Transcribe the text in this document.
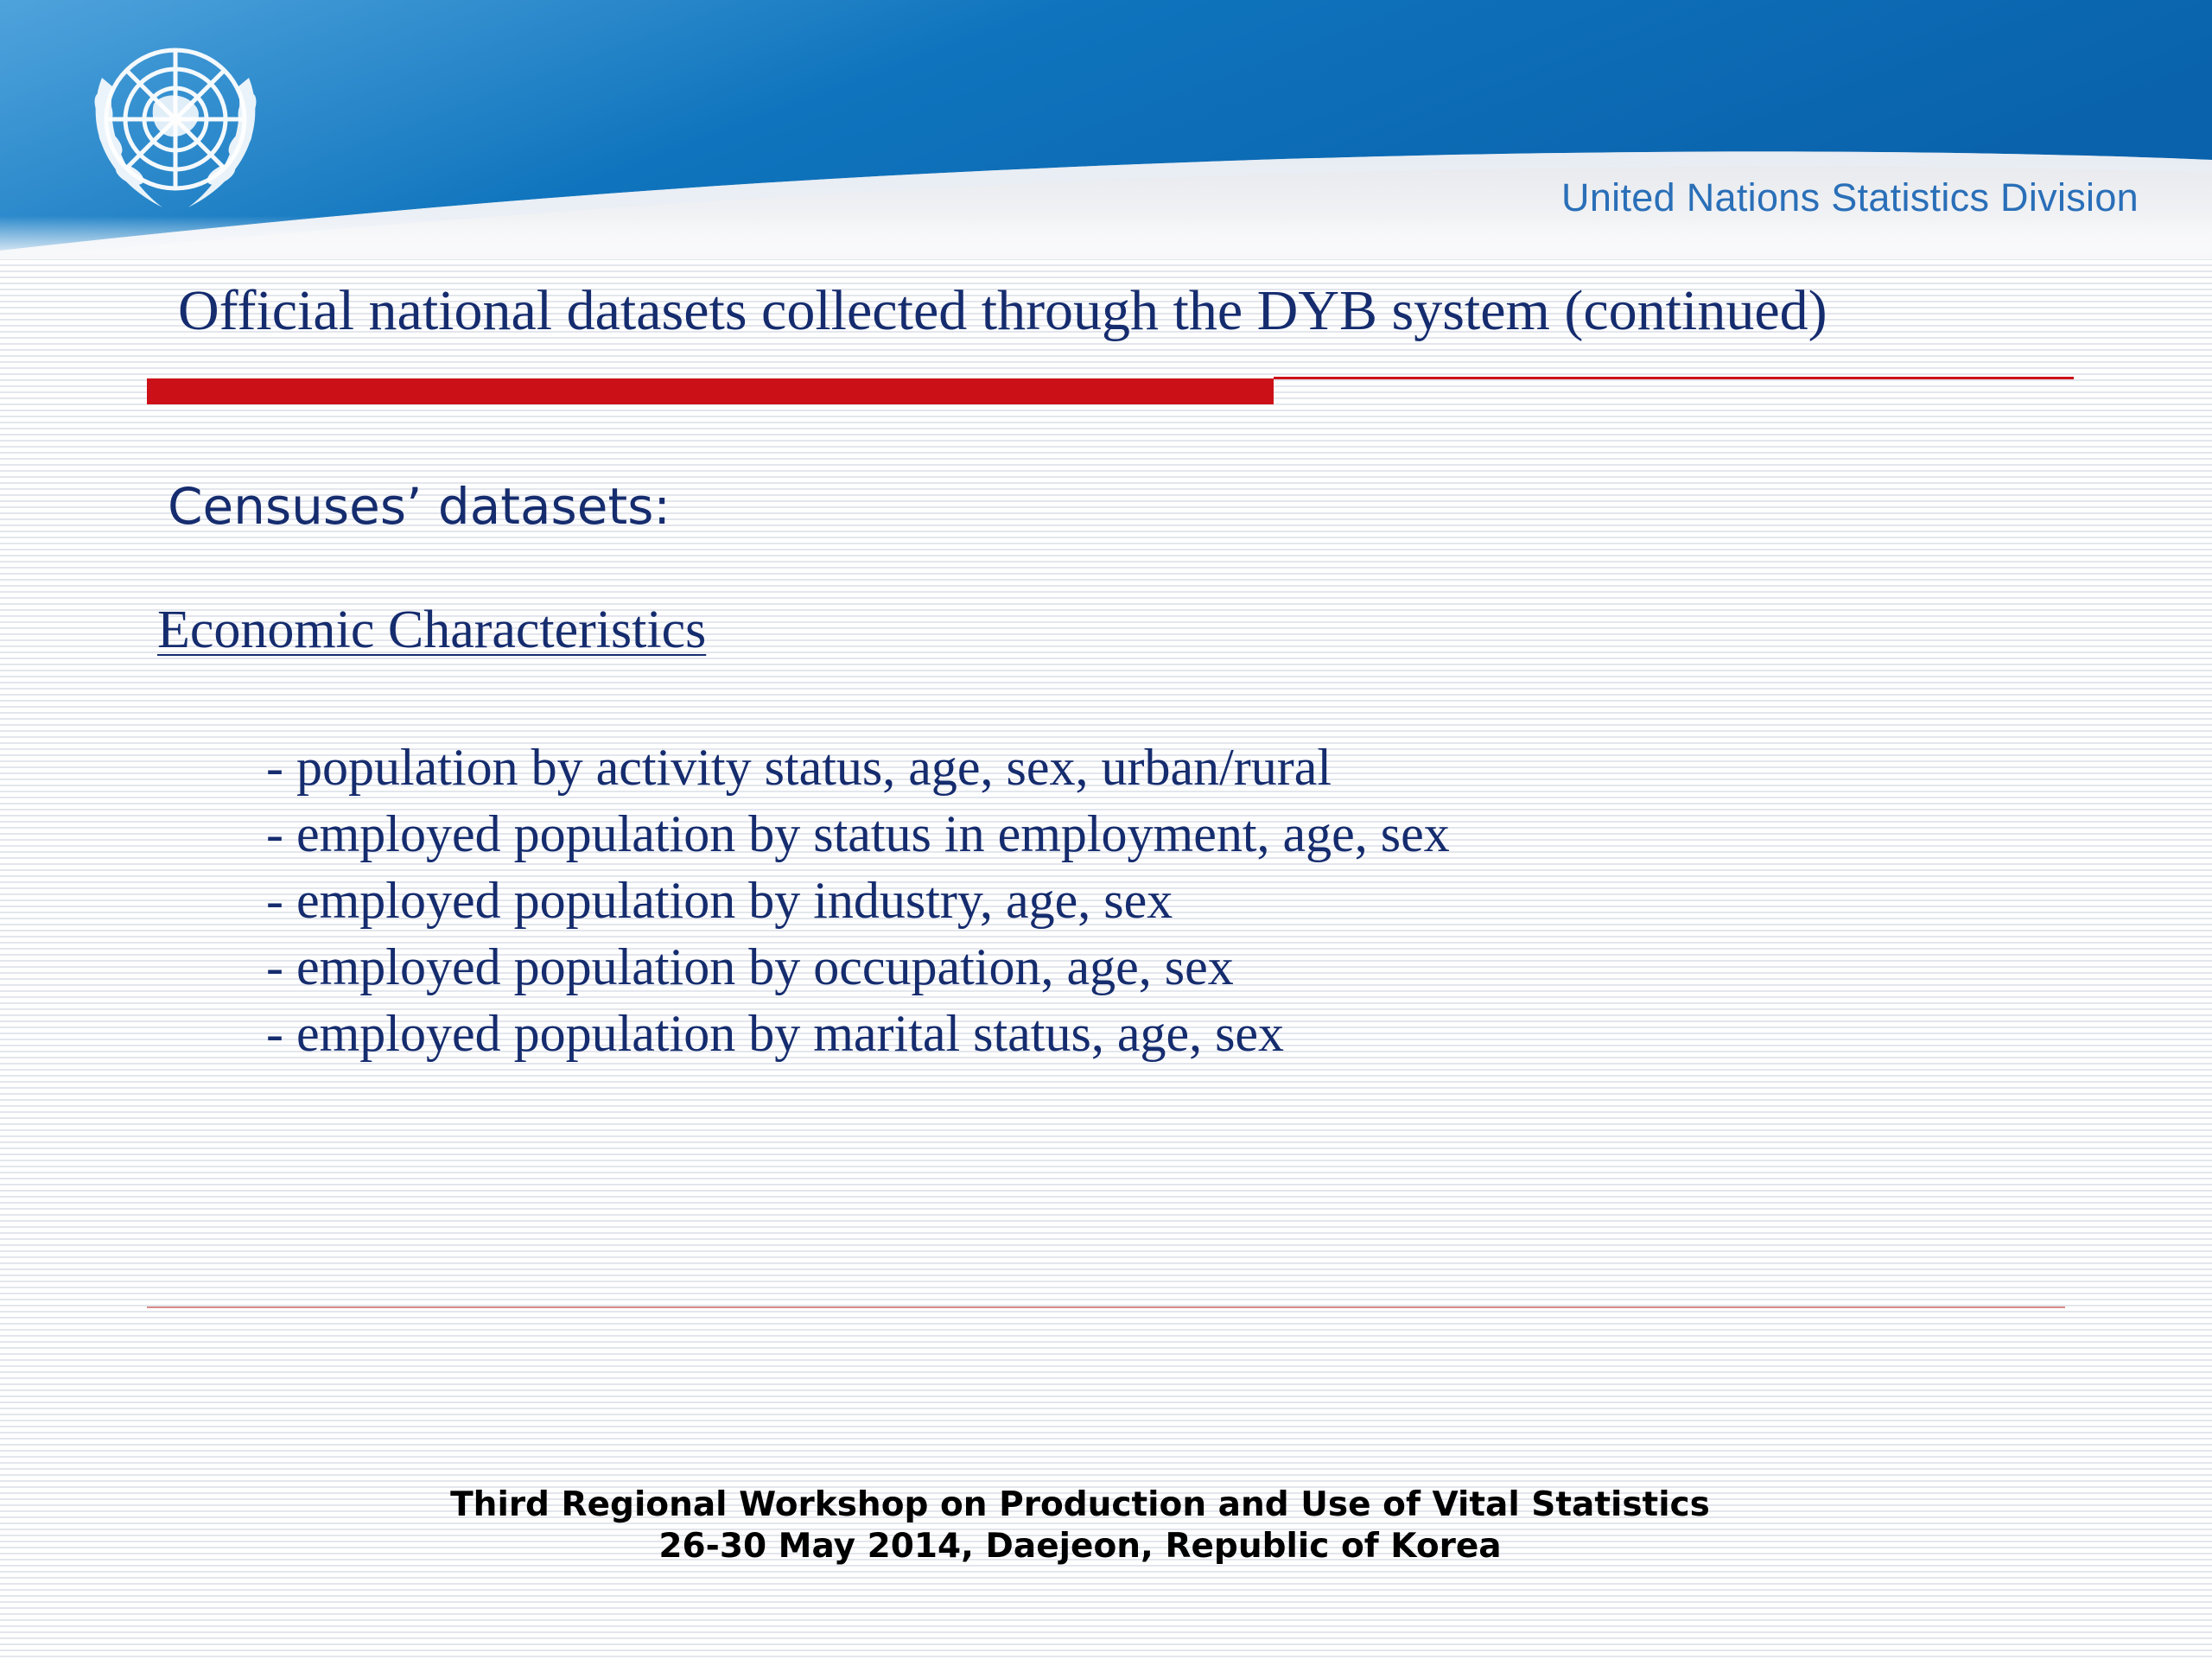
United Nations Statistics Division
Official national datasets collected through the DYB system (continued)
Censuses’ datasets:
Economic Characteristics
- population by activity status, age, sex, urban/rural
- employed population by status in employment, age, sex
- employed population by industry, age, sex
- employed population by occupation, age, sex
- employed population by marital status, age, sex
Third Regional Workshop on Production and Use of Vital Statistics
26-30 May 2014, Daejeon, Republic of Korea
